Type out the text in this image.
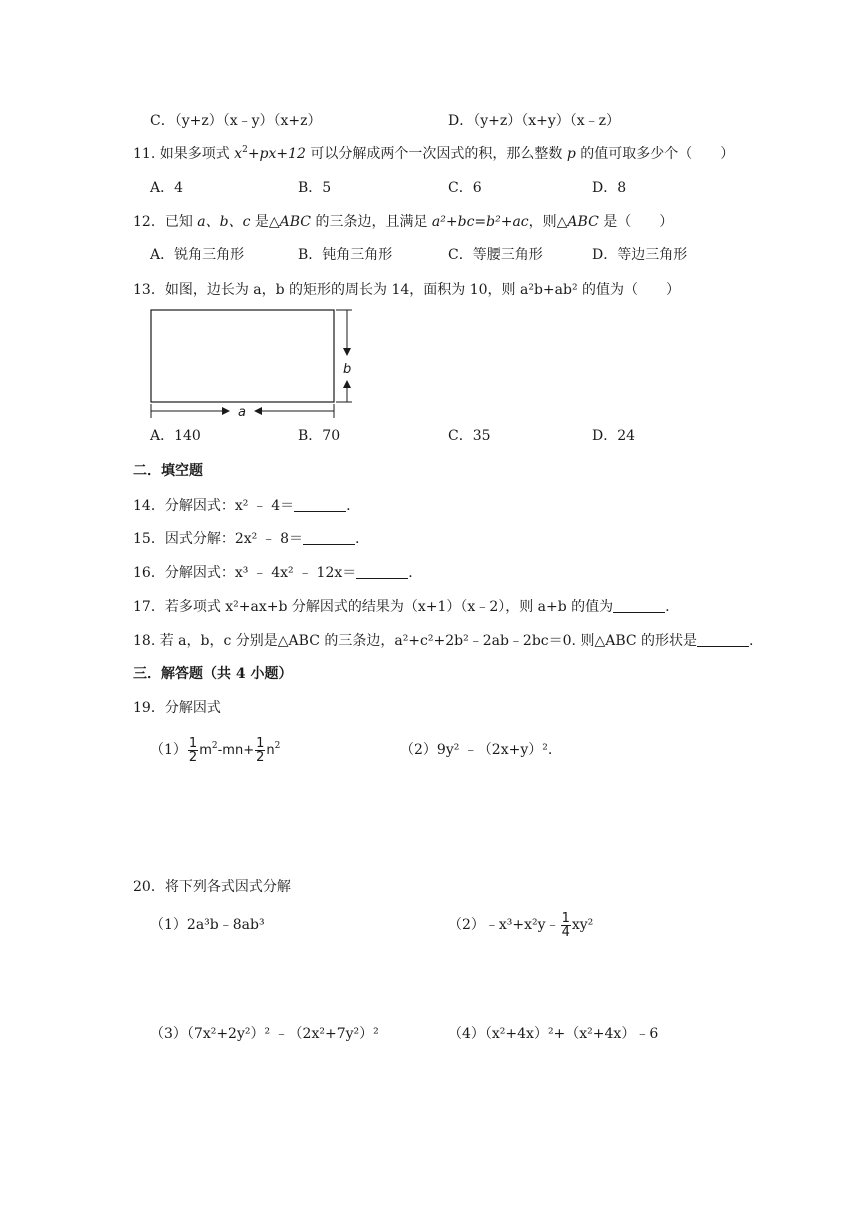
C．（y+z）（x﹣y）（x+z）	D．（y+z）（x+y）（x﹣z）
11. 如果多项式 $x^2+px+12$ 可以分解成两个一次因式的积，那么整数 p 的值可取多少个（　　）
A．4	B．5	C．6	D．8
12．已知 a、b、c 是△ABC 的三条边，且满足 a²+bc=b²+ac，则△ABC 是（　　）
A．锐角三角形	B．钝角三角形	C．等腰三角形	D．等边三角形
13．如图，边长为 a，b 的矩形的周长为 14，面积为 10，则 a²b+ab² 的值为（　　）
b
a
A．140	B．70	C．35	D．24
二．填空题
14．分解因式：x² ﹣ 4＝	.
15．因式分解：2x² ﹣ 8＝	.
16．分解因式：x³ ﹣ 4x² ﹣ 12x＝	.
17．若多项式 x²+ax+b 分解因式的结果为（x+1）（x﹣2），则 a+b 的值为	.
18. 若 a，b，c 分别是△ABC 的三条边，a²+c²+2b²﹣2ab﹣2bc＝0. 则△ABC 的形状是	.
三．解答题（共 4 小题）
19．分解因式
$(1) \frac{1}{2} m^2-mn+ \frac{1}{2} n^2$	（2）9y² ﹣（2x+y）².
20．将下列各式因式分解
（1）2a³b﹣8ab³	（2）﹣x³+x²y﹣ $\frac{1}{4} xy^2$
（3）（7x²+2y²）² ﹣（2x²+7y²）²	（4）（x²+4x）²+（x²+4x）﹣6
